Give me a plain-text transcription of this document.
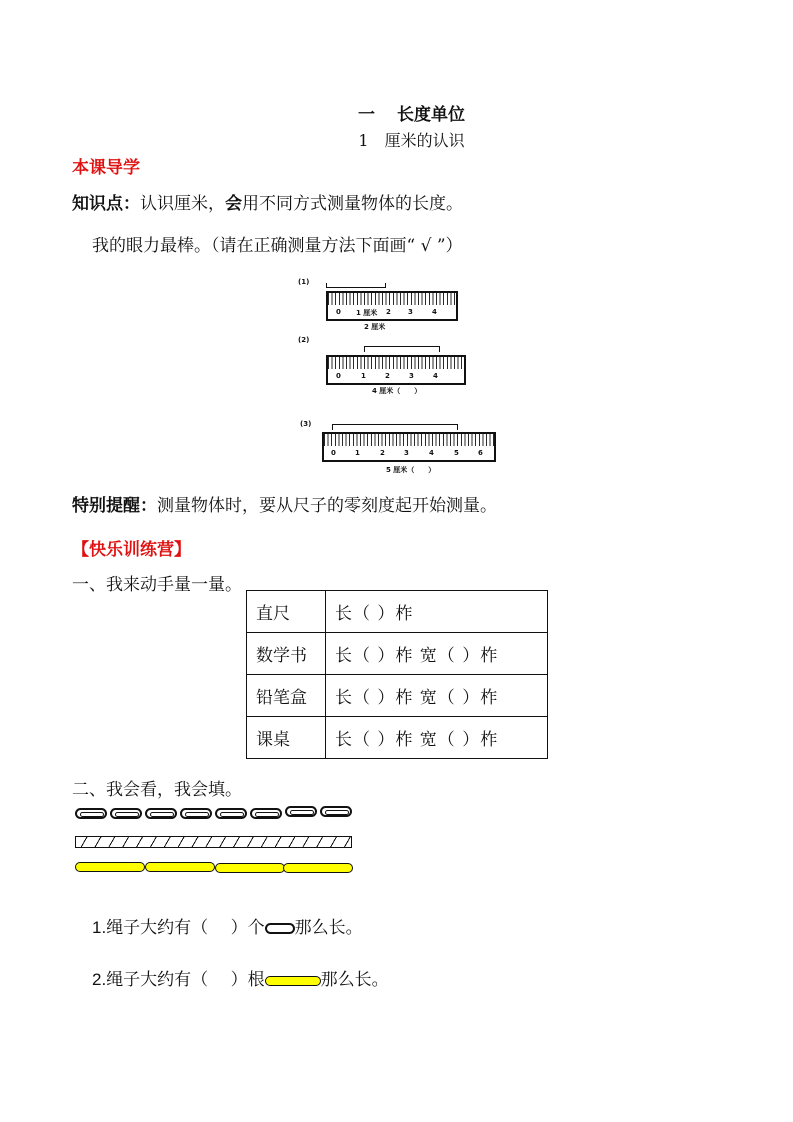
一 长度单位
1 厘米的认识
本课导学
知识点：认识厘米，会用不同方式测量物体的长度。
我的眼力最棒。（请在正确测量方法下面画“ √ ”）
(1)
0 1 厘米 2 3	4
2 厘米
(2)
0	1	2	3	4
4 厘米（　　）
(3)
0	1	2	3	4	5	6
5 厘米（　　）
特别提醒：测量物体时，要从尺子的零刻度起开始测量。
【快乐训练营】
一、我来动手量一量。
直尺	长（ ）柞
数学书	长（ ）柞 宽（ ）柞
铅笔盒	长（ ）柞 宽（ ）柞
课桌	长（ ）柞 宽（ ）柞
二、我会看，我会填。
1.绳子大约有（　 ）个 那么长。
2.绳子大约有（　 ）根	那么长。
